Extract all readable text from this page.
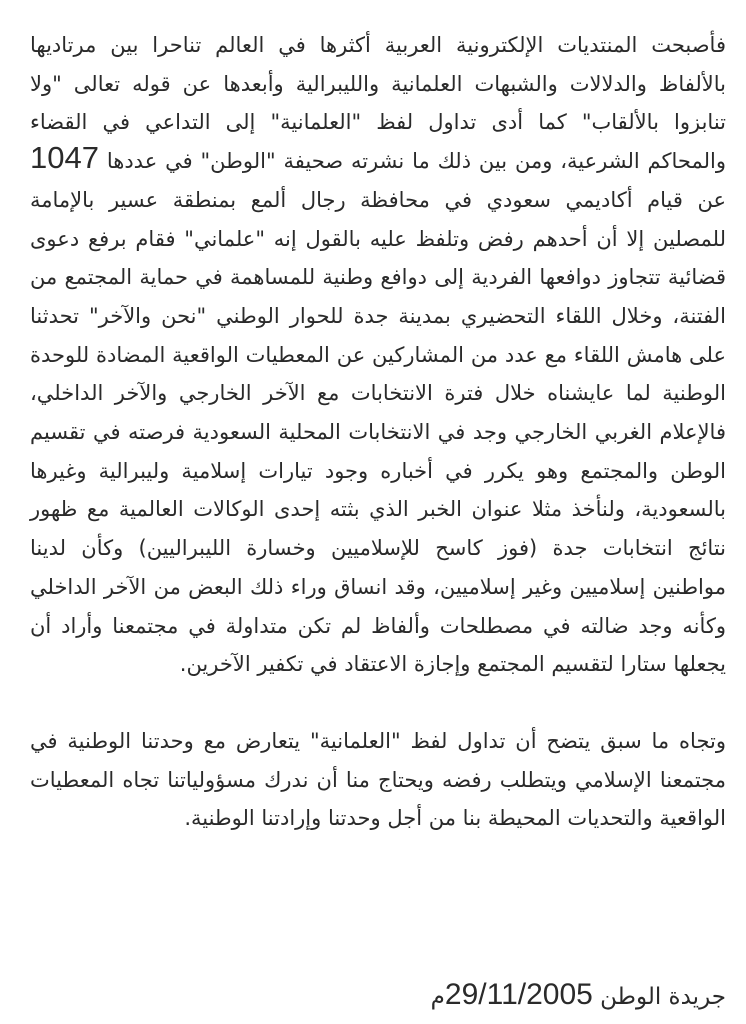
فأصبحت المنتديات الإلكترونية العربية أكثرها في العالم تناحرا بين مرتاديها بالألفاظ والدلالات والشبهات العلمانية والليبرالية وأبعدها عن قوله تعالى "ولا تنابزوا بالألقاب" كما أدى تداول لفظ "العلمانية" إلى التداعي في القضاء والمحاكم الشرعية، ومن بين ذلك ما نشرته صحيفة "الوطن" في عددها 1047 عن قيام أكاديمي سعودي في محافظة رجال ألمع بمنطقة عسير بالإمامة للمصلين إلا أن أحدهم رفض وتلفظ عليه بالقول إنه "علماني" فقام برفع دعوى قضائية تتجاوز دوافعها الفردية إلى دوافع وطنية للمساهمة في حماية المجتمع من الفتنة، وخلال اللقاء التحضيري بمدينة جدة للحوار الوطني "نحن والآخر" تحدثنا على هامش اللقاء مع عدد من المشاركين عن المعطيات الواقعية المضادة للوحدة الوطنية لما عايشناه خلال فترة الانتخابات مع الآخر الخارجي والآخر الداخلي، فالإعلام الغربي الخارجي وجد في الانتخابات المحلية السعودية فرصته في تقسيم الوطن والمجتمع وهو يكرر في أخباره وجود تيارات إسلامية وليبرالية وغيرها بالسعودية، ولنأخذ مثلا عنوان الخبر الذي بثته إحدى الوكالات العالمية مع ظهور نتائج انتخابات جدة (فوز كاسح للإسلاميين وخسارة الليبراليين) وكأن لدينا مواطنين إسلاميين وغير إسلاميين، وقد انساق وراء ذلك البعض من الآخر الداخلي وكأنه وجد ضالته في مصطلحات وألفاظ لم تكن متداولة في مجتمعنا وأراد أن يجعلها ستارا لتقسيم المجتمع وإجازة الاعتقاد في تكفير الآخرين.

وتجاه ما سبق يتضح أن تداول لفظ "العلمانية" يتعارض مع وحدتنا الوطنية في مجتمعنا الإسلامي ويتطلب رفضه ويحتاج منا أن ندرك مسؤولياتنا تجاه المعطيات الواقعية والتحديات المحيطة بنا من أجل وحدتنا وإرادتنا الوطنية.

جريدة الوطن 29/11/2005م
